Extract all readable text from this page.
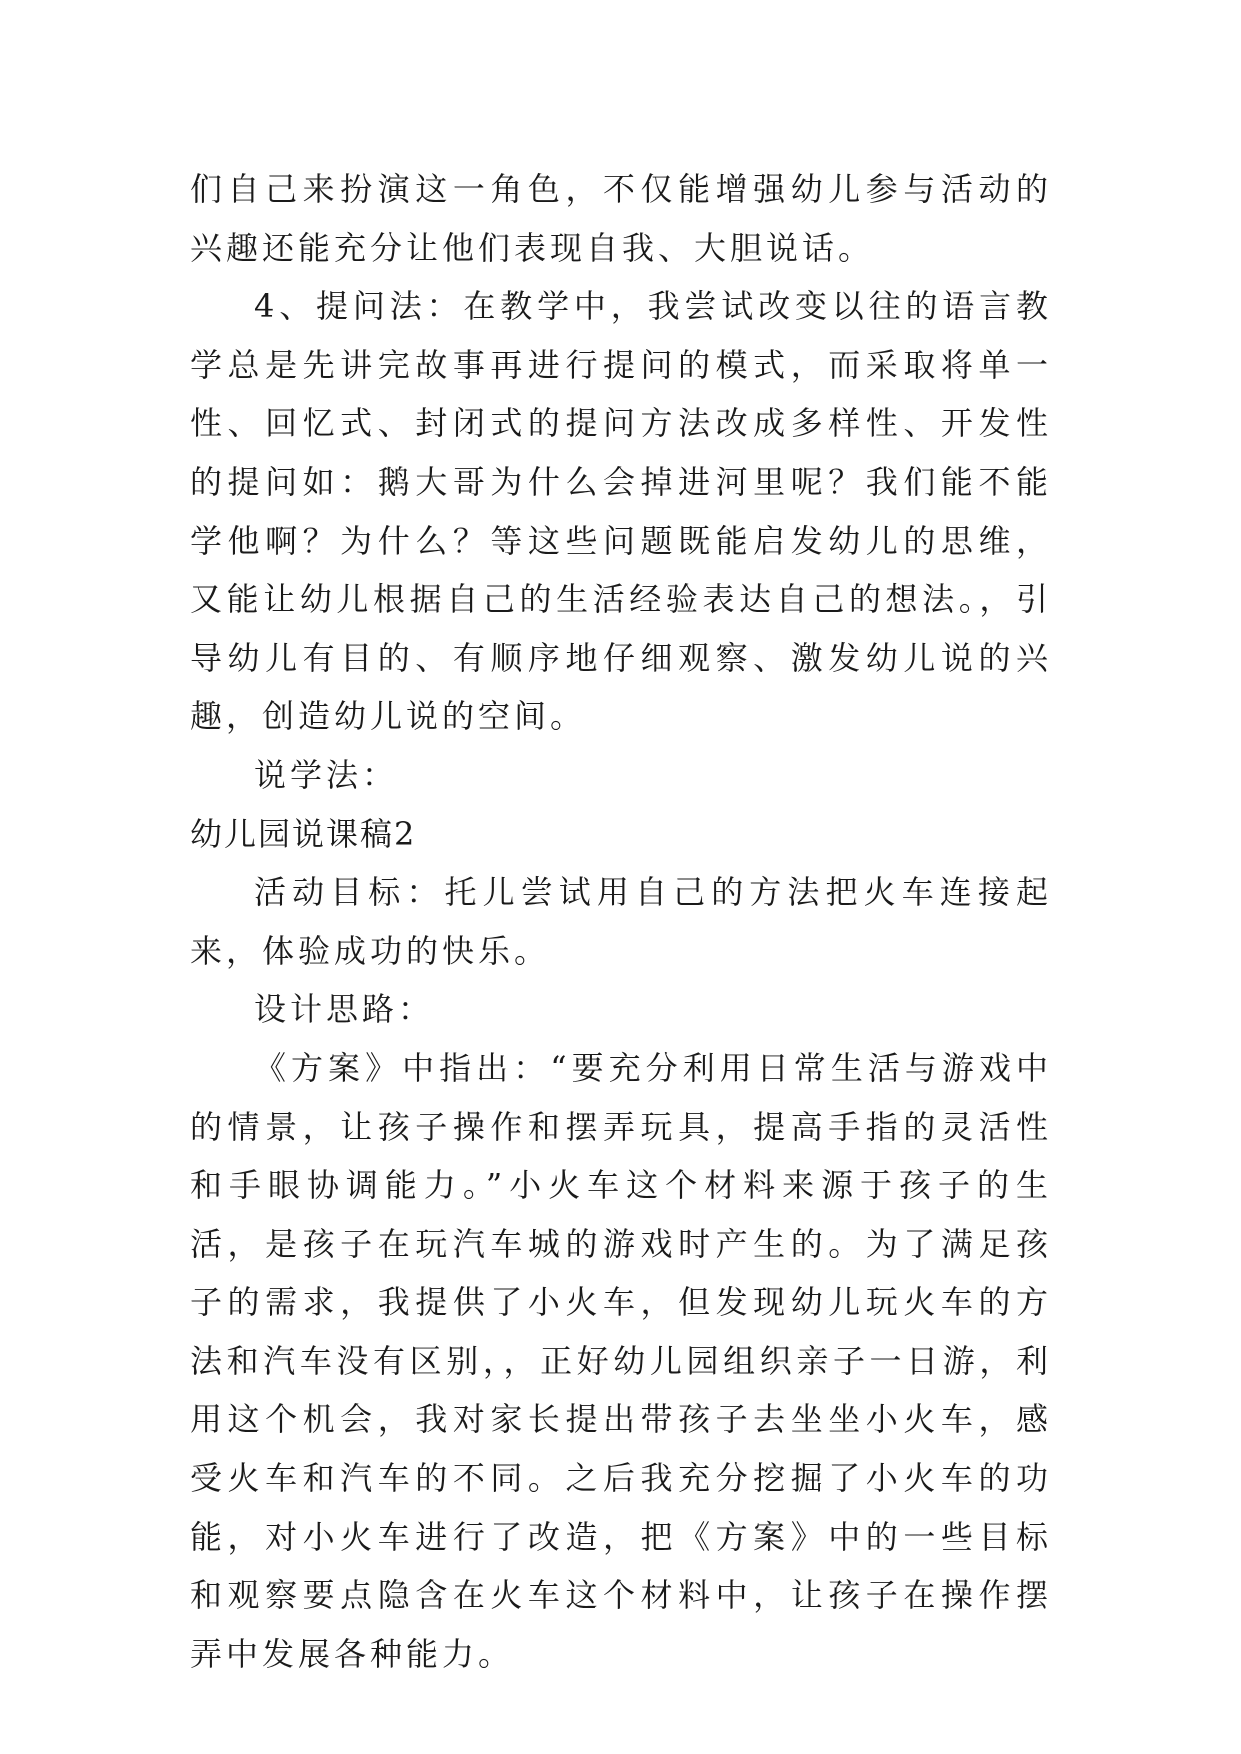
们自己来扮演这一角色，不仅能增强幼儿参与活动的兴趣还能充分让他们表现自我、大胆说话。

4、提问法：在教学中，我尝试改变以往的语言教学总是先讲完故事再进行提问的模式，而采取将单一性、回忆式、封闭式的提问方法改成多样性、开发性的提问如：鹅大哥为什么会掉进河里呢？我们能不能学他啊？为什么？等这些问题既能启发幼儿的思维，又能让幼儿根据自己的生活经验表达自己的想法。，引导幼儿有目的、有顺序地仔细观察、激发幼儿说的兴趣，创造幼儿说的空间。

说学法：

幼儿园说课稿2

活动目标：托儿尝试用自己的方法把火车连接起来，体验成功的快乐。

设计思路：

《方案》中指出：“要充分利用日常生活与游戏中的情景，让孩子操作和摆弄玩具，提高手指的灵活性和手眼协调能力。”小火车这个材料来源于孩子的生活，是孩子在玩汽车城的游戏时产生的。为了满足孩子的需求，我提供了小火车，但发现幼儿玩火车的方法和汽车没有区别，，正好幼儿园组织亲子一日游，利用这个机会，我对家长提出带孩子去坐坐小火车，感受火车和汽车的不同。之后我充分挖掘了小火车的功能，对小火车进行了改造，把《方案》中的一些目标和观察要点隐含在火车这个材料中，让孩子在操作摆弄中发展各种能力。
